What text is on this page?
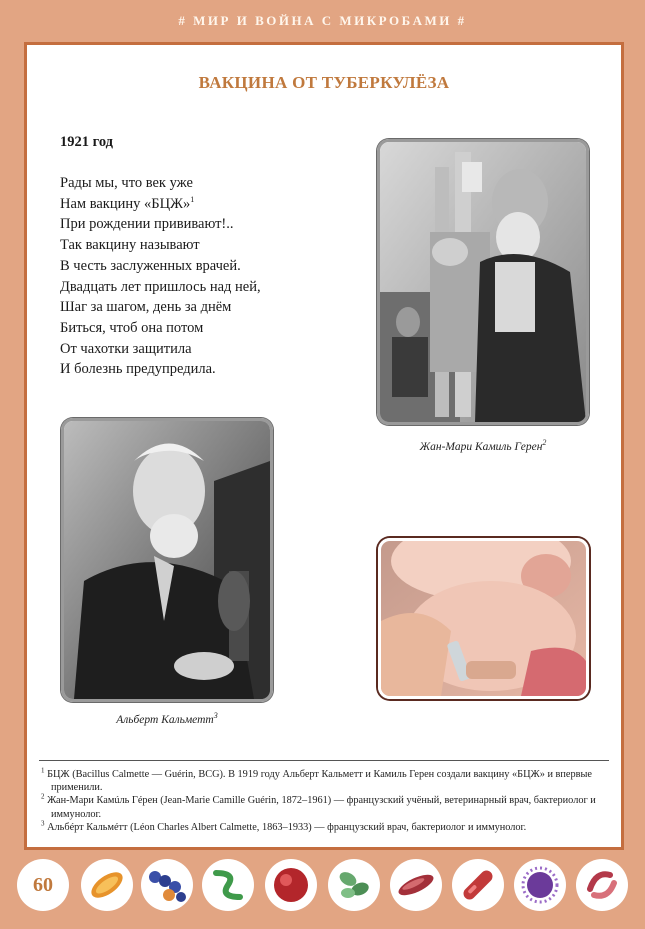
# МИР И ВОЙНА С МИКРОБАМИ #
ВАКЦИНА ОТ ТУБЕРКУЛЁЗА
1921 год
Рады мы, что век уже
Нам вакцину «БЦЖ»$^1$
При рождении прививают!..
Так вакцину называют
В честь заслуженных врачей.
Двадцать лет пришлось над ней,
Шаг за шагом, день за днём
Биться, чтоб она потом
От чахотки защитила
И болезнь предупредила.
Жан-Мари Камиль Герен$^2$
Альберт Кальметт$^3$
$^1$ БЦЖ (Bacillus Calmette — Guérin, BCG). В 1919 году Альберт Кальметт и Камиль Герен создали вакцину «БЦЖ» и впервые применили.
$^2$ Жан-Мари Камúль Гéрен (Jean-Marie Camille Guérin, 1872–1961) — французский учёный, ветеринарный врач, бактериолог и иммунолог.
$^3$ Альбéрт Кальмéтт (Léon Charles Albert Calmette, 1863–1933) — французский врач, бактериолог и иммунолог.
60
